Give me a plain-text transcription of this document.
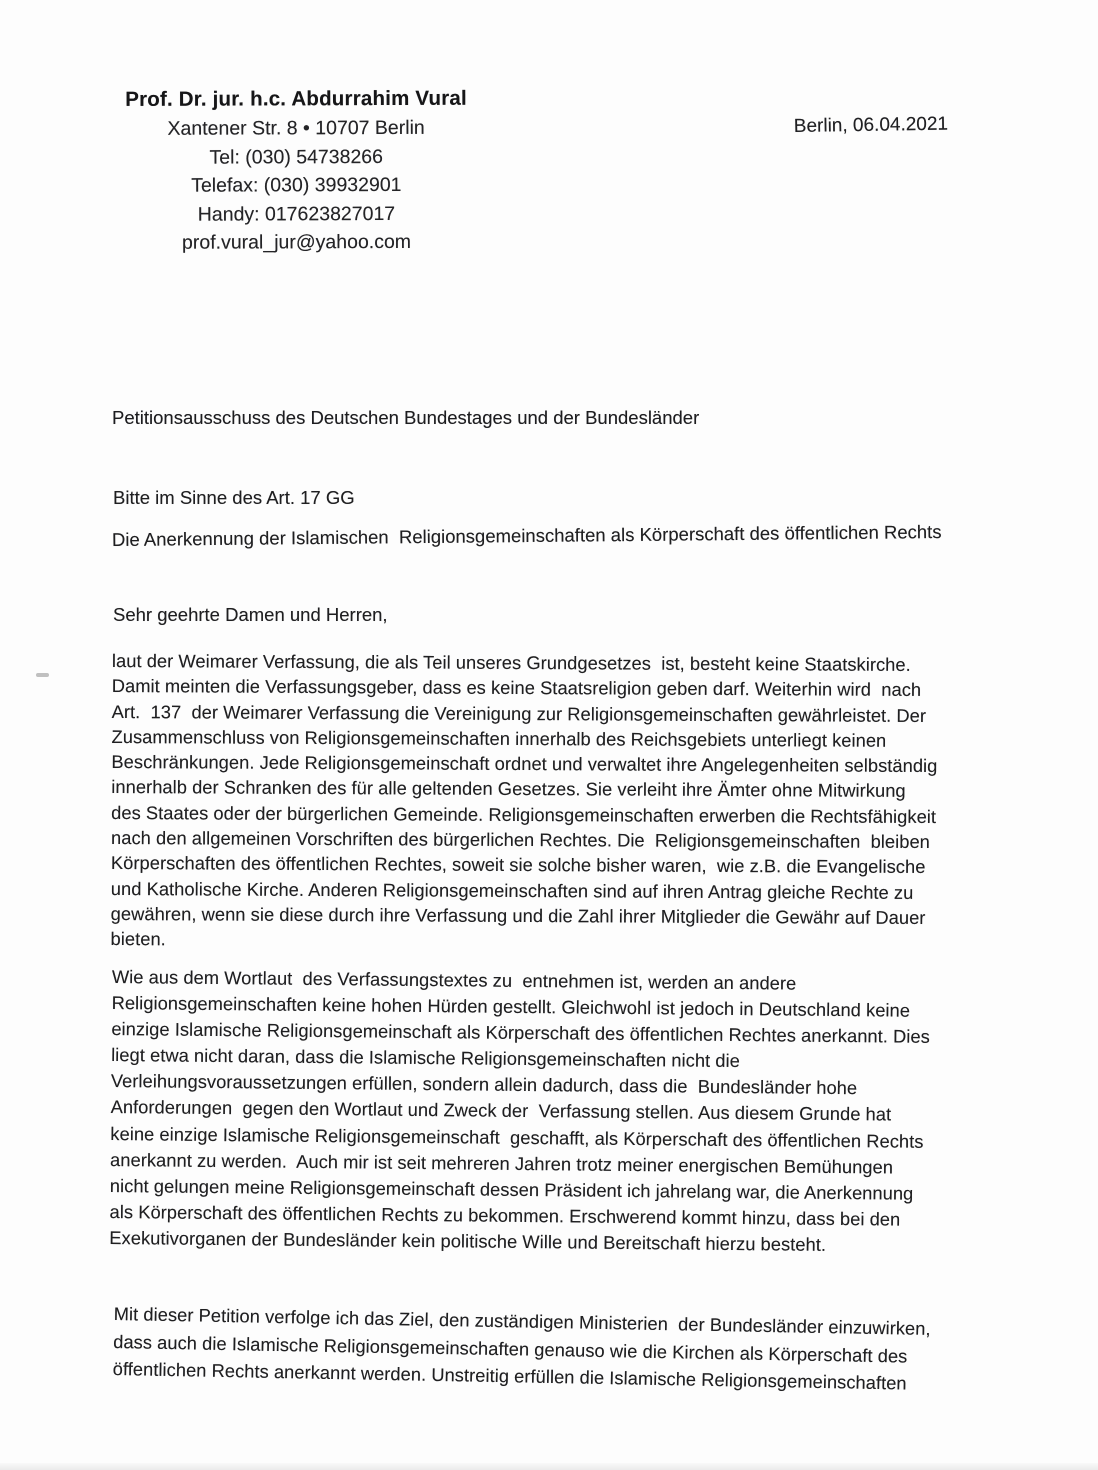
Prof. Dr. jur. h.c. Abdurrahim Vural
Xantener Str. 8 • 10707 Berlin
Tel: (030) 54738266
Telefax: (030) 39932901
Handy: 017623827017
prof.vural_jur@yahoo.com
Berlin, 06.04.2021
Petitionsausschuss des Deutschen Bundestages und der Bundesländer
Bitte im Sinne des Art. 17 GG
Die Anerkennung der Islamischen  Religionsgemeinschaften als Körperschaft des öffentlichen Rechts
Sehr geehrte Damen und Herren,
laut der Weimarer Verfassung, die als Teil unseres Grundgesetzes  ist, besteht keine Staatskirche.
Damit meinten die Verfassungsgeber, dass es keine Staatsreligion geben darf. Weiterhin wird  nach
Art.  137  der Weimarer Verfassung die Vereinigung zur Religionsgemeinschaften gewährleistet. Der
Zusammenschluss von Religionsgemeinschaften innerhalb des Reichsgebiets unterliegt keinen
Beschränkungen. Jede Religionsgemeinschaft ordnet und verwaltet ihre Angelegenheiten selbständig
innerhalb der Schranken des für alle geltenden Gesetzes. Sie verleiht ihre Ämter ohne Mitwirkung
des Staates oder der bürgerlichen Gemeinde. Religionsgemeinschaften erwerben die Rechtsfähigkeit
nach den allgemeinen Vorschriften des bürgerlichen Rechtes. Die  Religionsgemeinschaften  bleiben
Körperschaften des öffentlichen Rechtes, soweit sie solche bisher waren,  wie z.B. die Evangelische
und Katholische Kirche. Anderen Religionsgemeinschaften sind auf ihren Antrag gleiche Rechte zu
gewähren, wenn sie diese durch ihre Verfassung und die Zahl ihrer Mitglieder die Gewähr auf Dauer
bieten.
Wie aus dem Wortlaut  des Verfassungstextes zu  entnehmen ist, werden an andere
Religionsgemeinschaften keine hohen Hürden gestellt. Gleichwohl ist jedoch in Deutschland keine
einzige Islamische Religionsgemeinschaft als Körperschaft des öffentlichen Rechtes anerkannt. Dies
liegt etwa nicht daran, dass die Islamische Religionsgemeinschaften nicht die
Verleihungsvoraussetzungen erfüllen, sondern allein dadurch, dass die  Bundesländer hohe
Anforderungen  gegen den Wortlaut und Zweck der  Verfassung stellen. Aus diesem Grunde hat
keine einzige Islamische Religionsgemeinschaft  geschafft, als Körperschaft des öffentlichen Rechts
anerkannt zu werden.  Auch mir ist seit mehreren Jahren trotz meiner energischen Bemühungen
nicht gelungen meine Religionsgemeinschaft dessen Präsident ich jahrelang war, die Anerkennung
als Körperschaft des öffentlichen Rechts zu bekommen. Erschwerend kommt hinzu, dass bei den
Exekutivorganen der Bundesländer kein politische Wille und Bereitschaft hierzu besteht.
Mit dieser Petition verfolge ich das Ziel, den zuständigen Ministerien  der Bundesländer einzuwirken,
dass auch die Islamische Religionsgemeinschaften genauso wie die Kirchen als Körperschaft des
öffentlichen Rechts anerkannt werden. Unstreitig erfüllen die Islamische Religionsgemeinschaften
